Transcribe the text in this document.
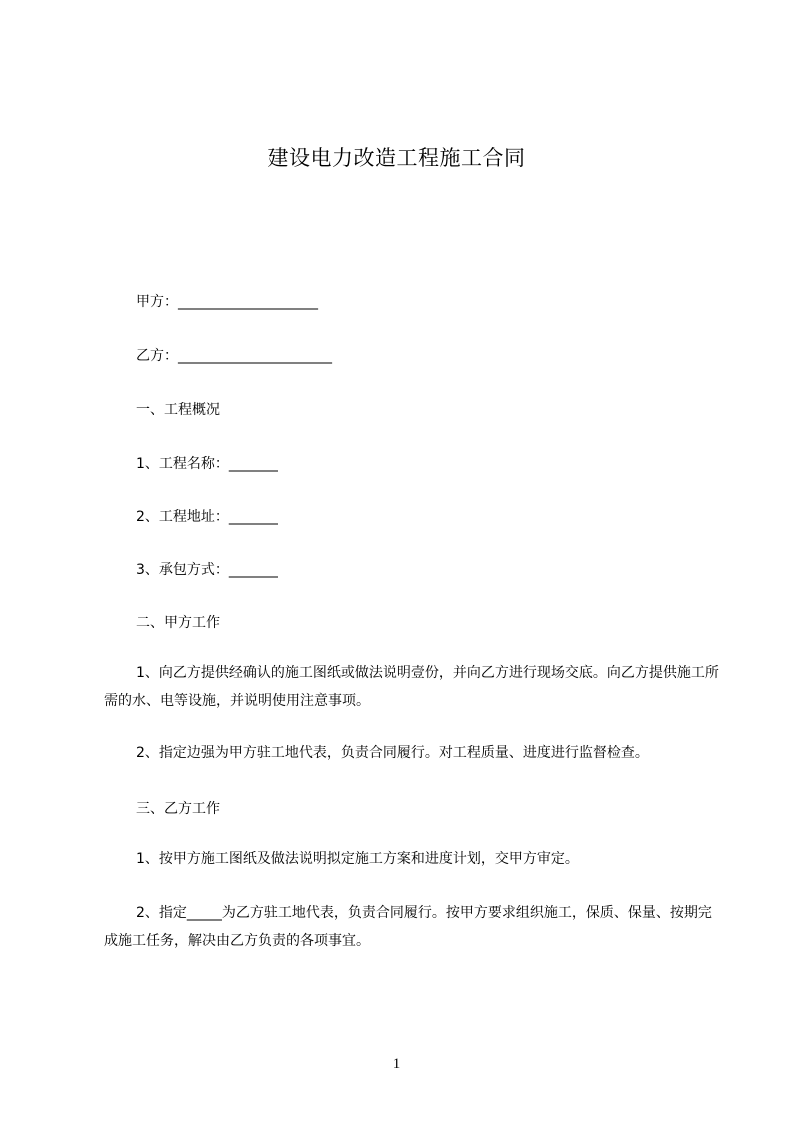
建设电力改造工程施工合同
甲方：____________________
乙方：______________________
一、工程概况
1、工程名称：_______
2、工程地址：_______
3、承包方式：_______
二、甲方工作
1、向乙方提供经确认的施工图纸或做法说明壹份，并向乙方进行现场交底。向乙方提供施工所需的水、电等设施，并说明使用注意事项。
2、指定边强为甲方驻工地代表，负责合同履行。对工程质量、进度进行监督检查。
三、乙方工作
1、按甲方施工图纸及做法说明拟定施工方案和进度计划，交甲方审定。
2、指定_____为乙方驻工地代表，负责合同履行。按甲方要求组织施工，保质、保量、按期完成施工任务，解决由乙方负责的各项事宜。
1
